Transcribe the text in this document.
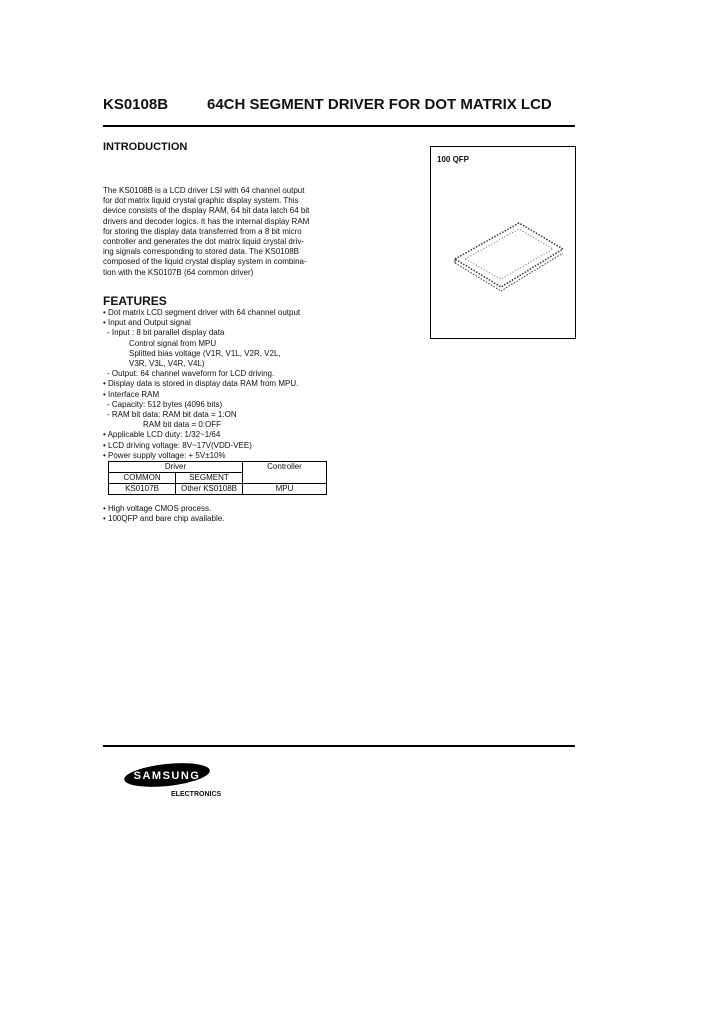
KS0108B	64CH SEGMENT DRIVER FOR DOT MATRIX LCD
INTRODUCTION
The KS0108B is a LCD driver LSI with 64 channel output
for dot matrix liquid crystal graphic display system. This
device consists of the display RAM, 64 bit data latch 64 bit
drivers and decoder logics. It has the internal display RAM
for storing the display data transferred from a 8 bit micro
controller and generates the dot matrix liquid crystal driv-
ing signals corresponding to stored data. The KS0108B
composed of the liquid crystal display system in combina-
tion with the KS0107B (64 common driver)
FEATURES
• Dot matrix LCD segment driver with 64 channel output
• Input and Output signal
- Input : 8 bit parallel display data
Control signal from MPU
Splitted bias voltage (V1R, V1L, V2R, V2L,
V3R, V3L, V4R, V4L)
- Output: 64 channel waveform for LCD driving.
• Display data is stored in display data RAM from MPU.
• Interface RAM
- Capacity: 512 bytes (4096 bits)
- RAM bit data: RAM bit data = 1:ON
RAM bit data = 0:OFF
• Applicable LCD duty: 1/32~1/64
• LCD driving voltage: 8V~17V(VDD-VEE)
• Power supply voltage: + 5V±10%
Driver		Controller
COMMON	SEGMENT	
KS0107B	Other KS0108B	MPU
• High voltage CMOS process.
• 100QFP and bare chip available.
100 QFP
SAMSUNG
ELECTRONICS
